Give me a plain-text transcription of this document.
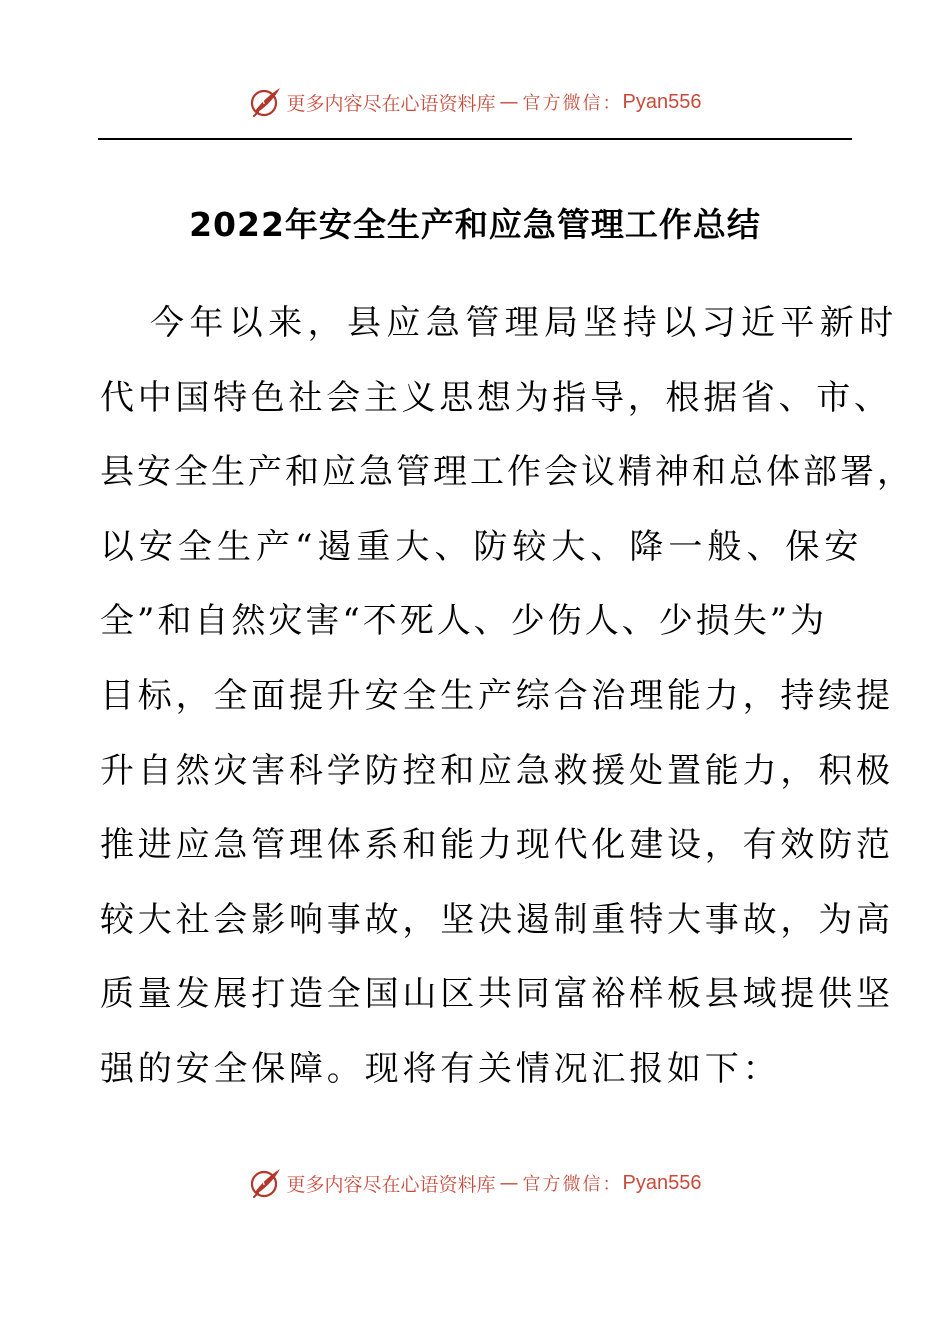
更多内容尽在心语资料库 — 官方微信： Pyan556
2022年安全生产和应急管理工作总结
今年以来，县应急管理局坚持以习近平新时
代中国特色社会主义思想为指导，根据省、市、
县安全生产和应急管理工作会议精神和总体部署，
以安全生产“遏重大、防较大、降一般、保安
全”和自然灾害“不死人、少伤人、少损失”为
目标，全面提升安全生产综合治理能力，持续提
升自然灾害科学防控和应急救援处置能力，积极
推进应急管理体系和能力现代化建设，有效防范
较大社会影响事故，坚决遏制重特大事故，为高
质量发展打造全国山区共同富裕样板县域提供坚
强的安全保障。现将有关情况汇报如下：
更多内容尽在心语资料库 — 官方微信： Pyan556
